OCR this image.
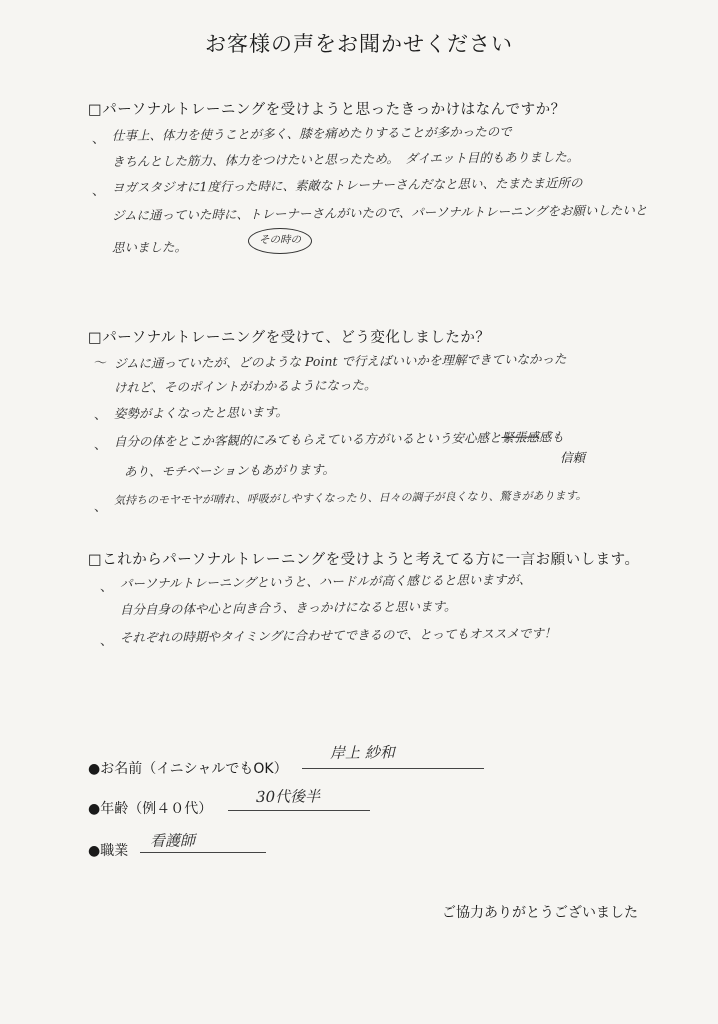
お客様の声をお聞かせください
□パーソナルトレーニングを受けようと思ったきっかけはなんですか？
、 仕事上、体力を使うことが多く、膝を痛めたりすることが多かったので
きちんとした筋力、体力をつけたいと思ったため。　ダイエット目的もありました。
、 ヨガスタジオに1度行った時に、素敵なトレーナーさんだなと思い、たまたま近所の
ジムに通っていた時に、トレーナーさんがいたので、パーソナルトレーニングをお願いしたいと
その時の
思いました。
□パーソナルトレーニングを受けて、どう変化しましたか？
〜 ジムに通っていたが、どのような Point で行えばいいかを理解できていなかった
けれど、そのポイントがわかるようになった。
、 姿勢がよくなったと思います。
、 自分の体をとこか客観的にみてもらえている方がいるという安心感と緊張感感も
信頼
あり、モチベーションもあがります。
、
気持ちのモヤモヤが晴れ、呼吸がしやすくなったり、日々の調子が良くなり、驚きがあります。
□これからパーソナルトレーニングを受けようと考えてる方に一言お願いします。
、 パーソナルトレーニングというと、ハードルが高く感じると思いますが、
自分自身の体や心と向き合う、きっかけになると思います。
、 それぞれの時期やタイミングに合わせてできるので、とってもオススメです！
●お名前（イニシャルでもOK）
岸上 紗和
●年齢（例４０代）
30代後半
●職業
看護師
ご協力ありがとうございました
